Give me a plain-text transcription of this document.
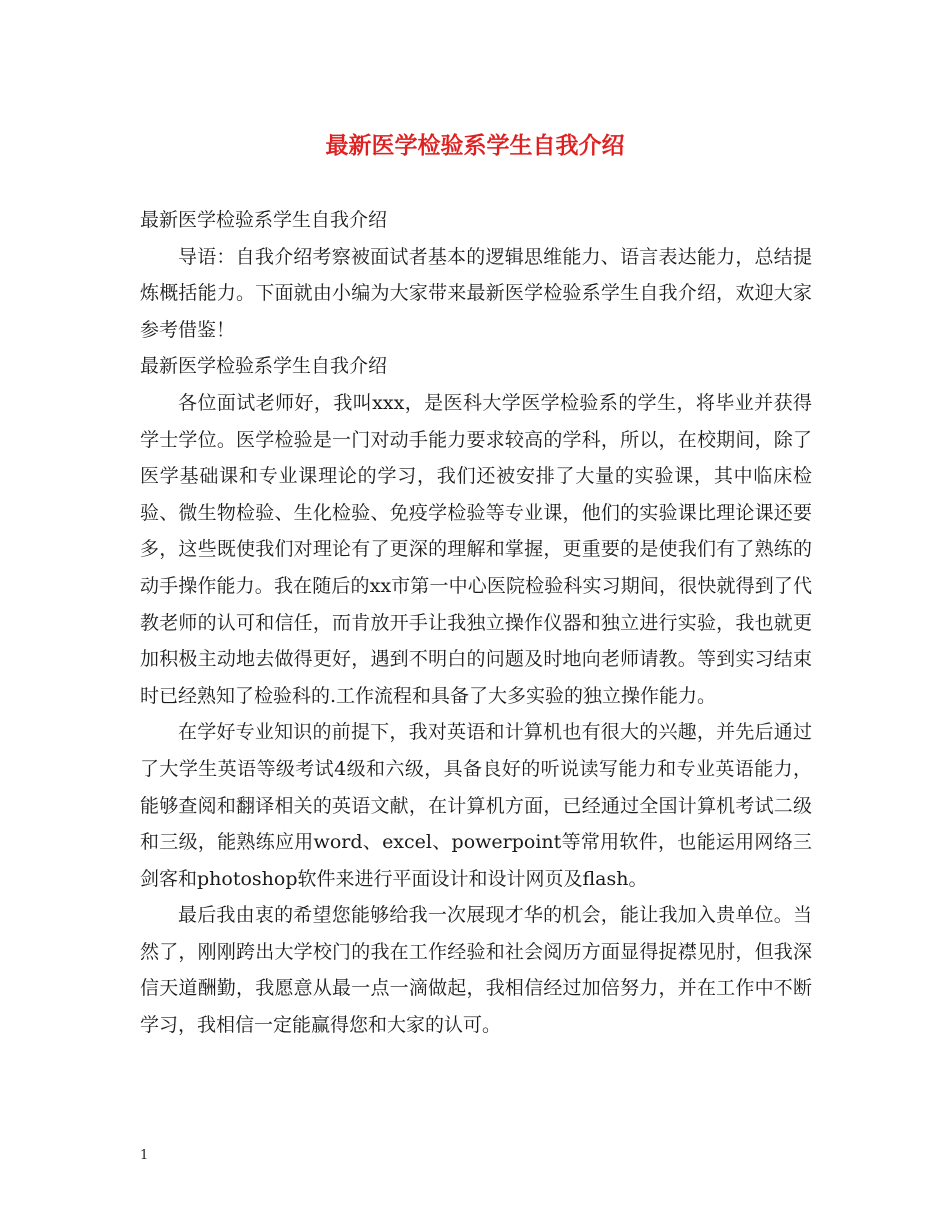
最新医学检验系学生自我介绍

最新医学检验系学生自我介绍

导语：自我介绍考察被面试者基本的逻辑思维能力、语言表达能力，总结提炼概括能力。下面就由小编为大家带来最新医学检验系学生自我介绍，欢迎大家参考借鉴！

最新医学检验系学生自我介绍

各位面试老师好，我叫xxx，是医科大学医学检验系的学生，将毕业并获得学士学位。医学检验是一门对动手能力要求较高的学科，所以，在校期间，除了医学基础课和专业课理论的学习，我们还被安排了大量的实验课，其中临床检验、微生物检验、生化检验、免疫学检验等专业课，他们的实验课比理论课还要多，这些既使我们对理论有了更深的理解和掌握，更重要的是使我们有了熟练的动手操作能力。我在随后的xx市第一中心医院检验科实习期间，很快就得到了代教老师的认可和信任，而肯放开手让我独立操作仪器和独立进行实验，我也就更加积极主动地去做得更好，遇到不明白的问题及时地向老师请教。等到实习结束时已经熟知了检验科的.工作流程和具备了大多实验的独立操作能力。

在学好专业知识的前提下，我对英语和计算机也有很大的兴趣，并先后通过了大学生英语等级考试4级和六级，具备良好的听说读写能力和专业英语能力，能够查阅和翻译相关的英语文献，在计算机方面，已经通过全国计算机考试二级和三级，能熟练应用word、excel、powerpoint等常用软件，也能运用网络三剑客和photoshop软件来进行平面设计和设计网页及flash。

最后我由衷的希望您能够给我一次展现才华的机会，能让我加入贵单位。当然了，刚刚跨出大学校门的我在工作经验和社会阅历方面显得捉襟见肘，但我深信天道酬勤，我愿意从最一点一滴做起，我相信经过加倍努力，并在工作中不断学习，我相信一定能赢得您和大家的认可。

1
